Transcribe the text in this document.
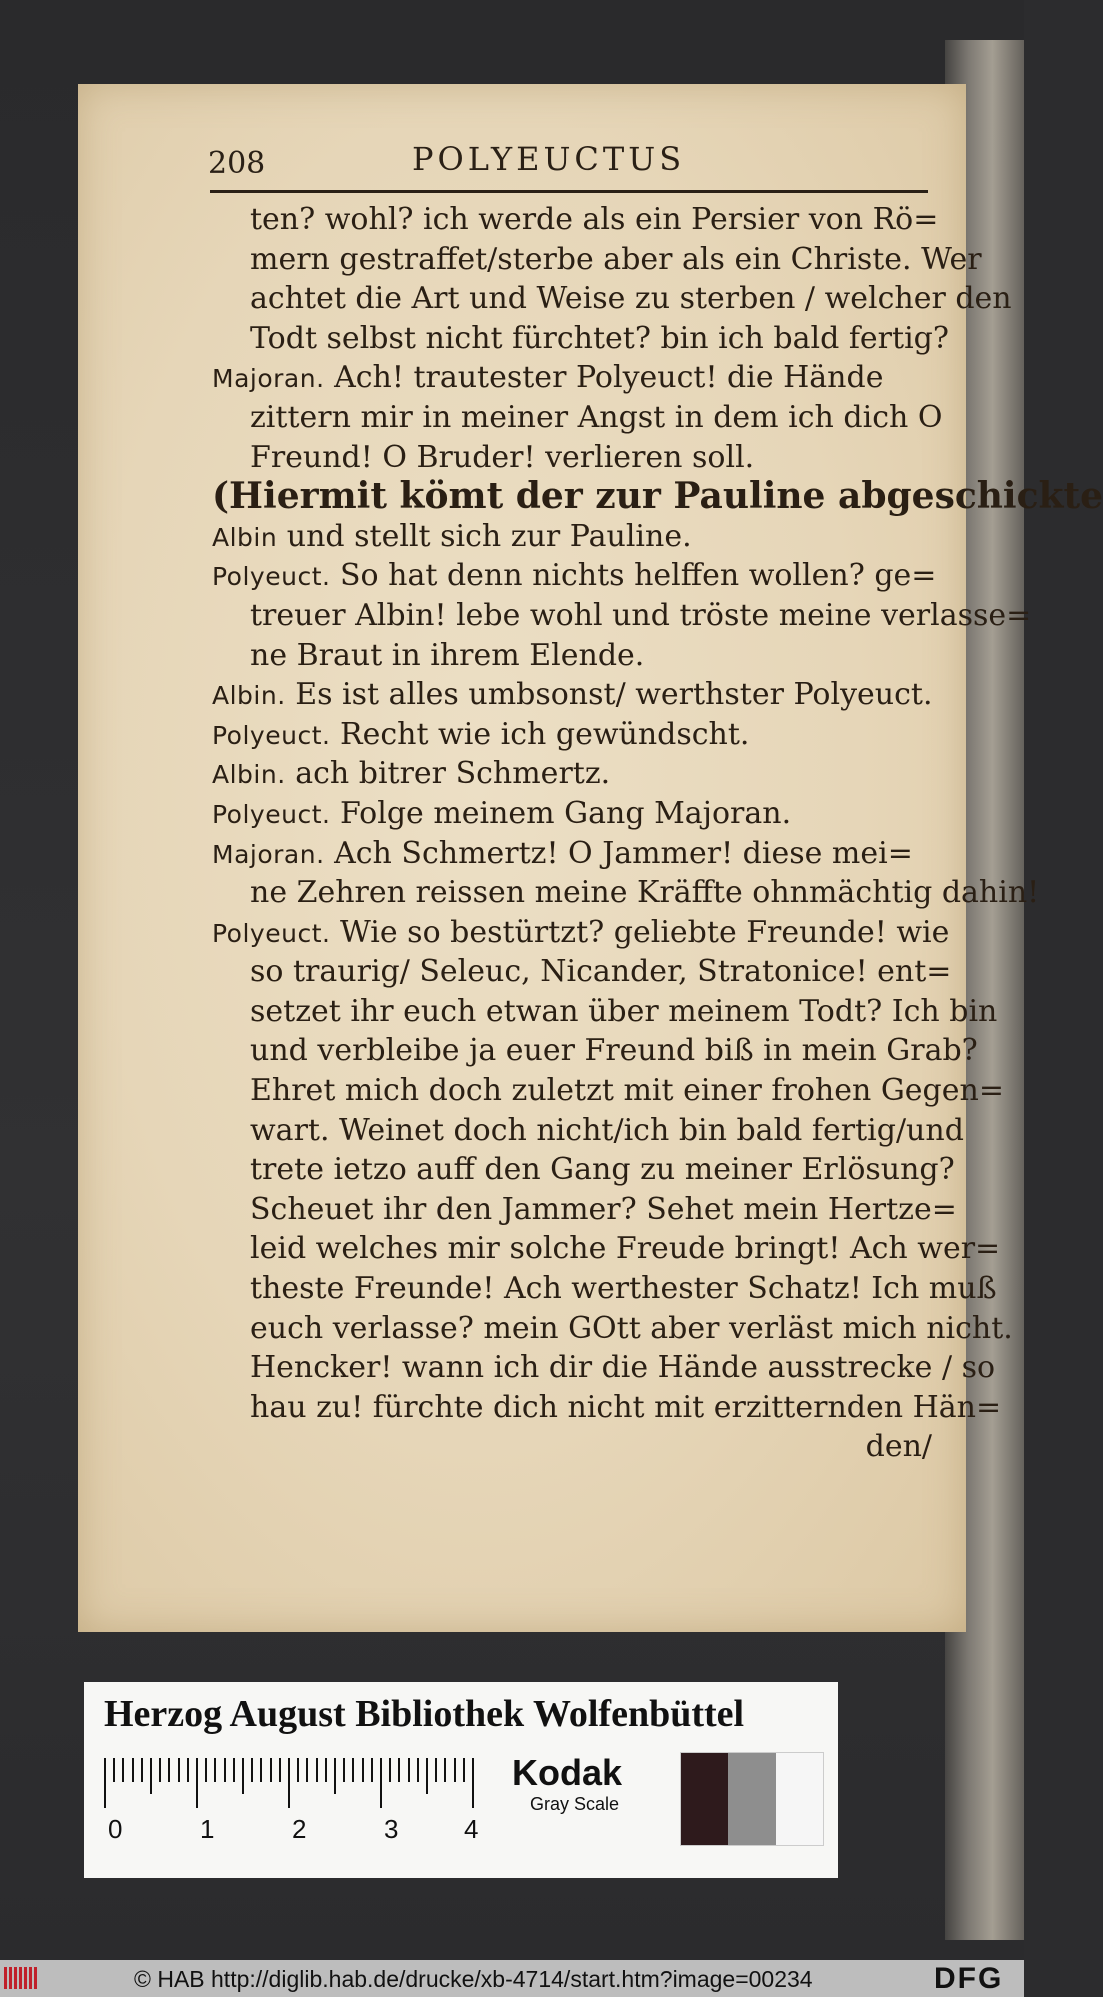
208	POLYEUCTUS
ten? wohl? ich werde als ein Persier von Rö=
mern gestraffet/sterbe aber als ein Christe. Wer
achtet die Art und Weise zu sterben / welcher den
Todt selbst nicht fürchtet? bin ich bald fertig?
Majoran. Ach! trautester Polyeuct! die Hände
zittern mir in meiner Angst in dem ich dich O
Freund! O Bruder! verlieren soll.
(Hiermit kömt der zur Pauline abgeschickte
Albin und stellt sich zur Pauline.
Polyeuct. So hat denn nichts helffen wollen? ge=
treuer Albin! lebe wohl und tröste meine verlasse=
ne Braut in ihrem Elende.
Albin. Es ist alles umbsonst/ werthster Polyeuct.
Polyeuct. Recht wie ich gewündscht.
Albin. ach bitrer Schmertz.
Polyeuct. Folge meinem Gang Majoran.
Majoran. Ach Schmertz! O Jammer! diese mei=
ne Zehren reissen meine Kräffte ohnmächtig dahin!
Polyeuct. Wie so bestürtzt? geliebte Freunde! wie
so traurig/ Seleuc, Nicander, Stratonice! ent=
setzet ihr euch etwan über meinem Todt? Ich bin
und verbleibe ja euer Freund biß in mein Grab?
Ehret mich doch zuletzt mit einer frohen Gegen=
wart. Weinet doch nicht/ich bin bald fertig/und
trete ietzo auff den Gang zu meiner Erlösung?
Scheuet ihr den Jammer? Sehet mein Hertze=
leid welches mir solche Freude bringt! Ach wer=
theste Freunde! Ach werthester Schatz! Ich muß
euch verlasse? mein GOtt aber verläst mich nicht.
Hencker! wann ich dir die Hände ausstrecke / so
hau zu! fürchte dich nicht mit erzitternden Hän=
den/
Herzog August Bibliothek Wolfenbüttel
0	1	2	3	4
Kodak
Gray Scale
© HAB http://diglib.hab.de/drucke/xb-4714/start.htm?image=00234	DFG
